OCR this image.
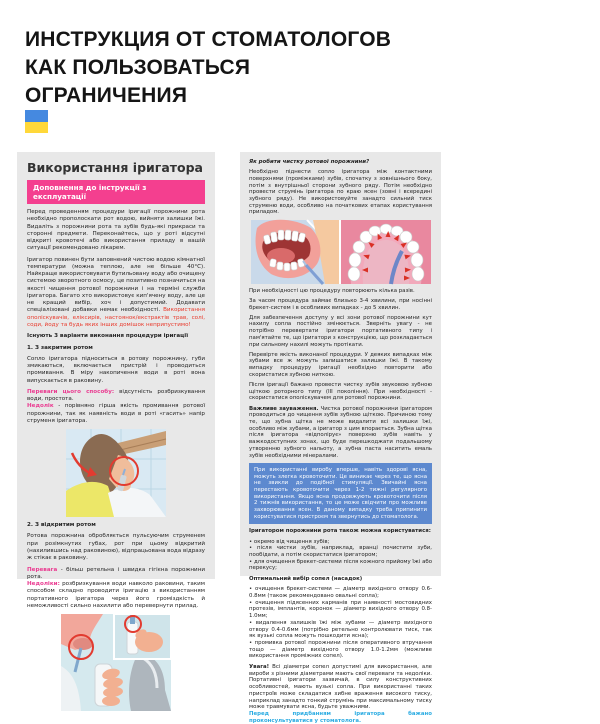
ИНСТРУКЦИЯ ОТ СТОМАТОЛОГОВ
КАК ПОЛЬЗОВАТЬСЯ
ОГРАНИЧЕНИЯ
Використання іригатора
Доповнення до інструкції з експлуатації

Перед проведенням процедури іригації порожнини рота необхідно прополоскати рот водою, вийняти залишки їжі. Видаліть з порожнини рота та зубів будь-які прикраси та сторонні предмети. Переконайтесь, що у роті відсутні відкриті кровотечі або використання приладу в вашій ситуації рекомендовано лікарем.

Іригатор повинен бути заповнений чистою водою кімнатної температури (можна теплою, але не більше 40°С). Найкраще використовувати бутильовану воду або очищену системою зворотного осмосу, це позитивно позначиться на якості чищення ротової порожнини і на терміні служби іригатора. Багато хто використовує кип'ячену воду, але це не кращий вибір, хоч і допустимий. Додавати спеціалізовані добавки немає необхідності. Використання ополіскувачів, еліксирів, настоянок/екстрактів трав, солі, соди, йоду та будь яких інших домішок неприпустимо!

Існують 3 варіанти виконання процедури іригації

1. З закритим ротом

Сопло іригатора підноситься в ротову порожнину, губи змикаються, включається пристрій і проводиться промивання. В міру накопичення води в роті вона випускається в раковину.

Переваги цього способу: відсутність розбризкування води, простота.
Недолік - порівняно гірша якість промивання ротової порожнини, так як наявність води в роті «гасить» напір струменя іригатора.

2. З відкритим ротом

Ротова порожнина обробляється пульсуючим струменем при розімкнутих губах, рот при цьому відкритий (нахилившись над раковиною), відпрацьована вода відразу ж стікає в раковину.

Перевага - більш ретельна і швидка гігієна порожнини рота.
Недоліки: розбризкування води навколо раковини, таким способом складно проводити іригацію з використанням портативного іригатора через його громіздкість й неможливості сильно нахилити або перевернути прилад.

Як робити чистку ротової порожнини?

Необхідно піднести сопло іригатора між контактними поверхнями (проміжками) зубів, спочатку з зовнішнього боку, потім з внутрішньої сторони зубного ряду. Потім необхідно провести струмінь іригатора по краю ясен (зовні і всередині зубного ряду). Не використовуйте занадто сильний тиск струменю води, особливо на початкових етапах користування приладом.

При необхідності цю процедуру повторюють кілька разів.

За часом процедура займає близько 3-4 хвилини, при носінні брекет-систем і в особливих випадках - до 5 хвилин.

Для забезпечення доступу у всі зони ротової порожнини кут нахилу сопла постійно змінюється. Зверніть увагу - не потрібно перевертати іригатори портативного типу і пам'ятайте те, що іригатори з конструкцією, що розкладається при сильному нахилі можуть протікати.

Перевірте якість виконаної процедури. У деяких випадках між зубами все ж можуть залишатися залишки їжі. В такому випадку процедуру іригації необхідно повторити або скористатися зубною ниткою.

Після іригації бажано провести чистку зубів звуковою зубною щіткою роторного типу (III покоління). При необхідності - скористатися ополіскувачем для ротової порожнини.

Важливе зауваження. Чистка ротової порожнини іригатором проводиться до чищення зубів зубною щіткою. Причиною тому те, що зубна щітка не може видалити всі залишки їжі, особливо між зубами, а іригатор з цим впорається. Зубна щітка після іригатора «відполірує» поверхню зубів навіть у важкодоступних зонах, що буде перешкоджати подальшому утворенню зубного нальоту, а зубна паста наситить емаль зубів необхідними мінералами.

При використанні виробу вперше, навіть здорові ясна, можуть злегка кровоточити. Це виникає через те, що ясна не звикли до подібної стимуляції. Звичайні ясна перестають кровоточити через 1-2 тижні регулярного використання. Якщо ясна продовжують кровоточити після 2 тижнів використання, то це може свідчити про можливе захворювання ясен. В даному випадку треба припинити користуватися пристроєм та звернутись до стоматолога.

Іригатором порожнини рота також можна користуватися:

• окремо від чищення зубів;
• після чистки зубів, наприклад, вранці почистити зуби, пообідати, а потім скористатися іригатором;
• для очищення брекет-системи після кожного прийому їжі або перекусу;

Оптимальний вибір сопел (насадок)

• очищення брекет-системи — діаметр вихідного отвору 0.6-0.8мм (також рекомендовано овальні сопла);
• очищення підясенних карманів при наявності мостовидних протезів, імплантів, коронок — діаметр вихідного отвору 0.8-1.0мм;
• видалення залишків їжі між зубами — діаметр вихідного отвору 0.4-0.6мм (потрібно ретельно контролювати тиск, так як вузькі сопла можуть пошкодити ясна);
• промивка ротової порожнини після оперативного втручання тощо — діаметр вихідного отвору 1.0-1.2мм (можливе використання проміжних сопел).

Увага! Всі діаметри сопел допустимі для використання, але вироби з різними діаметрами мають свої переваги та недоліки. Портативні іригатори зазвичай, в силу конструктивних особливостей, мають вузькі сопла. При використанні таких пристроїв може складатися хибне враження високого тиску, наприклад занадто тонкий струмінь при максимальному тиску може травмувати ясна, будьте уважними.
Перед придбанням іригатора бажано проконсультуватися у стоматолога.
